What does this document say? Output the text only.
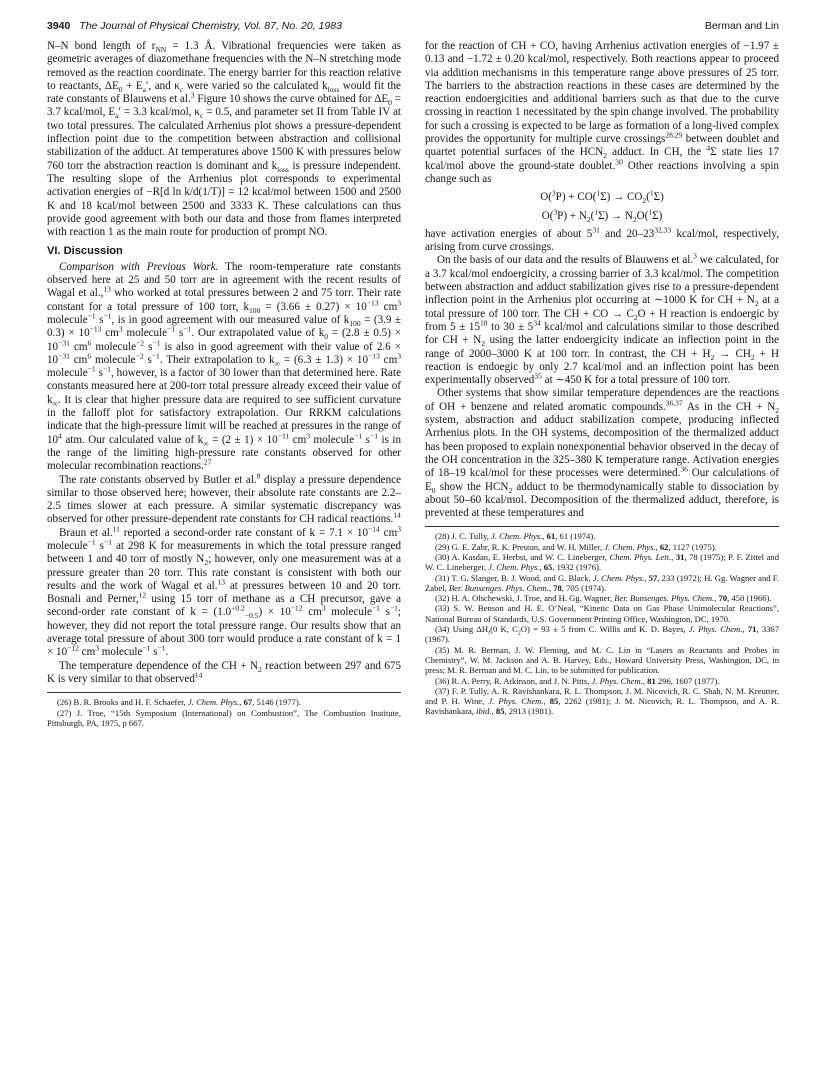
3940 The Journal of Physical Chemistry, Vol. 87, No. 20, 1983	Berman and Lin

N–N bond length of $r_{NN} = 1.3$ Å. Vibrational frequencies were taken as geometric averages of diazomethane frequencies with the N–N stretching mode removed as the reaction coordinate. The energy barrier for this reaction relative to reactants, $\Delta E_0 + E_a'$, and $\kappa_c$ were varied so the calculated $k_{loss}$ would fit the rate constants of Blauwens et al.$^3$ Figure 10 shows the curve obtained for $\Delta E_0 = 3.7$ kcal/mol, $E_a' = 3.3$ kcal/mol, $\kappa_c = 0.5$, and parameter set II from Table IV at two total pressures. The calculated Arrhenius plot shows a pressure-dependent inflection point due to the competition between abstraction and collisional stabilization of the adduct. At temperatures above 1500 K with pressures below 760 torr the abstraction reaction is dominant and $k_{loss}$ is pressure independent. The resulting slope of the Arrhenius plot corresponds to experimental activation energies of −R[d ln k/d(1/T)] = 12 kcal/mol between 1500 and 2500 K and 18 kcal/mol between 2500 and 3333 K. These calculations can thus provide good agreement with both our data and those from flames interpreted with reaction 1 as the main route for production of prompt NO.

VI. Discussion

Comparison with Previous Work. The room-temperature rate constants observed here at 25 and 50 torr are in agreement with the recent results of Wagal et al.,$^{13}$ who worked at total pressures between 2 and 75 torr. Their rate constant for a total pressure of 100 torr, $k_{100} = (3.66 \pm 0.27) \times 10^{-13}$ $cm^3$ molecule$^{-1}$ $s^{-1}$, is in good agreement with our measured value of $k_{100} = (3.9 \pm 0.3) \times 10^{-13}$ $cm^3$ molecule$^{-1}$ $s^{-1}$. Our extrapolated value of $k_0 = (2.8 \pm 0.5) \times 10^{-31}$ $cm^6$ molecule$^{-2}$ $s^{-1}$ is also in good agreement with their value of $2.6 \times 10^{-31}$ $cm^6$ molecule$^{-2}$ $s^{-1}$. Their extrapolation to $k_\infty = (6.3 \pm 1.3) \times 10^{-13}$ $cm^3$ molecule$^{-1}$ $s^{-1}$, however, is a factor of 30 lower than that determined here. Rate constants measured here at 200-torr total pressure already exceed their value of $k_\infty$. It is clear that higher pressure data are required to see sufficient curvature in the falloff plot for satisfactory extrapolation. Our RRKM calculations indicate that the high-pressure limit will be reached at pressures in the range of $10^4$ atm. Our calculated value of $k_\infty = (2 \pm 1) \times 10^{-11}$ $cm^3$ molecule$^{-1}$ $s^{-1}$ is in the range of the limiting high-pressure rate constants observed for other molecular recombination reactions.$^{27}$

The rate constants observed by Butler et al.$^8$ display a pressure dependence similar to those observed here; however, their absolute rate constants are 2.2–2.5 times slower at each pressure. A similar systematic discrepancy was observed for other pressure-dependent rate constants for CH radical reactions.$^{14}$

Braun et al.$^{11}$ reported a second-order rate constant of $k = 7.1 \times 10^{-14}$ $cm^3$ molecule$^{-1}$ $s^{-1}$ at 298 K for measurements in which the total pressure ranged between 1 and 40 torr of mostly $N_2$; however, only one measurement was at a pressure greater than 20 torr. This rate constant is consistent with both our results and the work of Wagal et al.$^{13}$ at pressures between 10 and 20 torr. Bosnali and Perner,$^{12}$ using 15 torr of methane as a CH precursor, gave a second-order rate constant of $k = (1.0^{+0.2}_{-0.5}) \times 10^{-12}$ $cm^3$ molecule$^{-1}$ $s^{-1}$; however, they did not report the total pressure range. Our results show that an average total pressure of about 300 torr would produce a rate constant of $k = 1 \times 10^{-12}$ $cm^3$ molecule$^{-1}$ $s^{-1}$.

The temperature dependence of the CH + $N_2$ reaction between 297 and 675 K is very similar to that observed$^{14}$

(26) B. R. Brooks and H. F. Schaefer, J. Chem. Phys., 67, 5146 (1977).

(27) J. Troe, “15th Symposium (International) on Combustion”, The Combustion Institute, Pittsburgh, PA, 1975, p 667.

for the reaction of CH + CO, having Arrhenius activation energies of −1.97 ± 0.13 and −1.72 ± 0.20 kcal/mol, respectively. Both reactions appear to proceed via addition mechanisms in this temperature range above pressures of 25 torr. The barriers to the abstraction reactions in these cases are determined by the reaction endoergicities and additional barriers such as that due to the curve crossing in reaction 1 necessitated by the spin change involved. The probability for such a crossing is expected to be large as formation of a long-lived complex provides the opportunity for multiple curve crossings$^{28,29}$ between doublet and quartet potential surfaces of the $HCN_2$ adduct. In CH, the $^4$Σ state lies 17 kcal/mol above the ground-state doublet.$^{30}$ Other reactions involving a spin change such as

$O(^3P) + CO(^1\Sigma) \to CO_2(^1\Sigma)$
$O(^3P) + N_2(^1\Sigma) \to N_2O(^1\Sigma)$

have activation energies of about $5^{31}$ and 20–23$^{32,33}$ kcal/mol, respectively, arising from curve crossings.

On the basis of our data and the results of Blauwens et al.$^3$ we calculated, for a 3.7 kcal/mol endoergicity, a crossing barrier of 3.3 kcal/mol. The competition between abstraction and adduct stabilization gives rise to a pressure-dependent inflection point in the Arrhenius plot occurring at ∼1000 K for CH + $N_2$ at a total pressure of 100 torr. The CH + CO → $C_2O + H$ reaction is endoergic by from $5 \pm 15^{18}$ to $30 \pm 5^{34}$ kcal/mol and calculations similar to those described for CH + $N_2$ using the latter endoergicity indicate an inflection point in the range of 2000–3000 K at 100 torr. In contrast, the CH + $H_2 \to CH_2 + H$ reaction is endoegic by only 2.7 kcal/mol and an inflection point has been experimentally observed$^{35}$ at ∼450 K for a total pressure of 100 torr.

Other systems that show similar temperature dependences are the reactions of OH + benzene and related aromatic compounds.$^{36,37}$ As in the CH + $N_2$ system, abstraction and adduct stabilization compete, producing inflected Arrhenius plots. In the OH systems, decomposition of the thermalized adduct has been proposed to explain nonexponential behavior observed in the decay of the OH concentration in the 325–380 K temperature range. Activation energies of 18–19 kcal/mol for these processes were determined.$^{36}$ Our calculations of $E_0$ show the $HCN_2$ adduct to be thermodynamically stable to dissociation by about 50–60 kcal/mol. Decomposition of the thermalized adduct, therefore, is prevented at these temperatures and

(28) J. C. Tully, J. Chem. Phys., 61, 61 (1974).

(29) G. E. Zahr, R. K. Preston, and W. H. Miller, J. Chem. Phys., 62, 1127 (1975).

(30) A. Kasdan, E. Herbst, and W. C. Lineberger, Chem. Phys. Lett., 31, 78 (1975); P. F. Zittel and W. C. Lineberger, J. Chem. Phys., 65, 1932 (1976).

(31) T. G. Slanger, B. J. Wood, and G. Black, J. Chem. Phys., 57, 233 (1972); H. Gg. Wagner and F. Zabel, Ber. Bunsenges. Phys. Chem., 78, 705 (1974).

(32) H. A. Olschewski, J. Troe, and H. Gg. Wagner, Ber. Bunsenges. Phys. Chem., 70, 450 (1966).

(33) S. W. Benson and H. E. O’Neal, “Kinetic Data on Gas Phase Unimolecular Reactions”, National Bureau of Standards, U.S. Government Printing Office, Washington, DC, 1970.

(34) Using $\Delta H_f(0$ K, $C_2O) = 93 \pm 5$ from C. Willis and K. D. Bayes, J. Phys. Chem., 71, 3367 (1967).

(35) M. R. Berman, J. W. Fleming, and M. C. Lin in “Lasers as Reactants and Probes in Chemistry”, W. M. Jackson and A. B. Harvey, Eds., Howard University Press, Washington, DC, in press; M. R. Berman and M. C. Lin, to be submitted for publication.

(36) R. A. Perry, R. Atkinson, and J. N. Pitts, J. Phys. Chem., 81 296, 1607 (1977).

(37) F. P. Tully, A. R. Ravishankara, R. L. Thompson, J. M. Nicovich, R. C. Shah, N. M. Kreutter, and P. H. Wine, J. Phys. Chem., 85, 2262 (1981); J. M. Nicovich, R. L. Thompson, and A. R. Ravishankara, ibid., 85, 2913 (1981).
